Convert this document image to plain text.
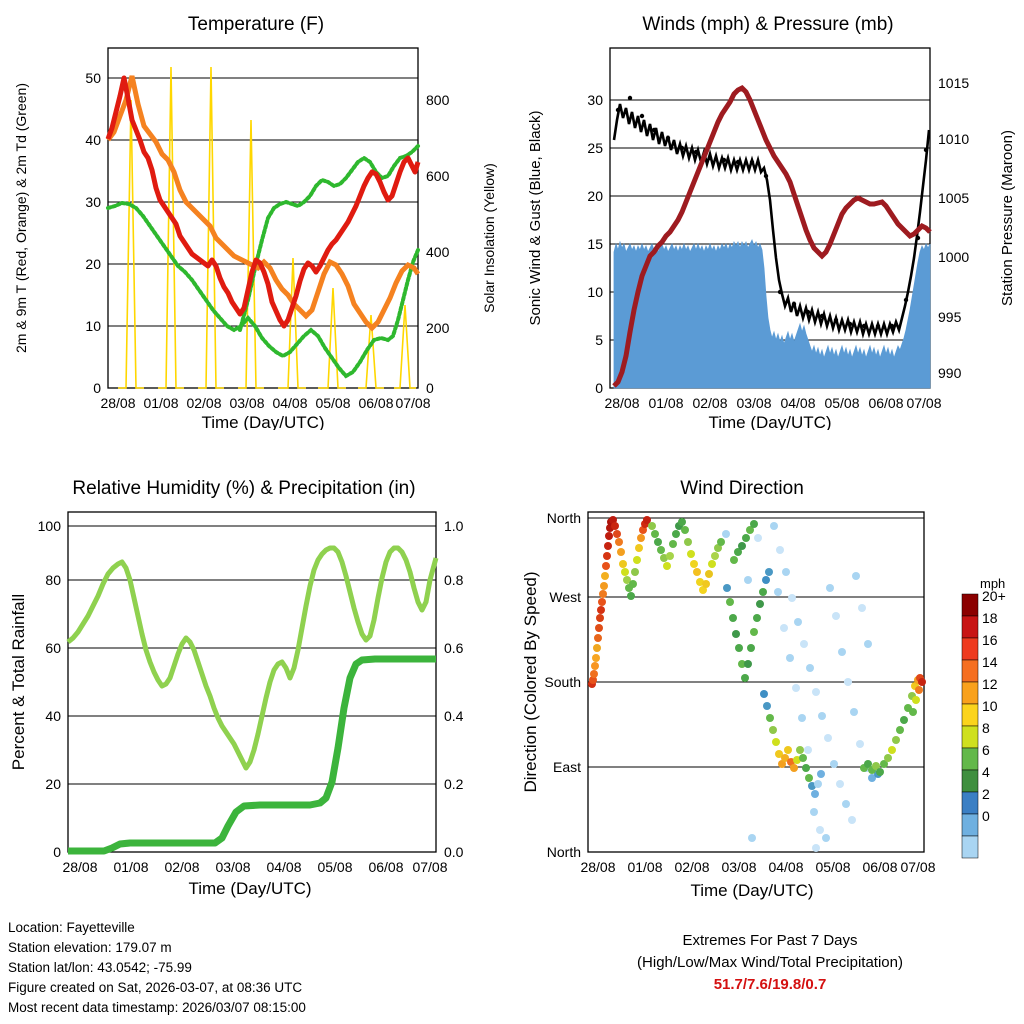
Temperature (F)
0
10
20
30
40
50
0
200
400
600
800
28/08 01/08 02/08 03/08 04/08 05/08 06/08 07/08
Time (Day/UTC)
2m & 9m T (Red, Orange) & 2m Td (Green)	Solar Insolation (Yellow)
Winds (mph) & Pressure (mb)
0
5
10
15
20
25
30
990
995
1000
1005
1010
1015
28/08 01/08 02/08 03/08 04/08 05/08 06/08 07/08
Time (Day/UTC)
Sonic Wind & Gust (Blue, Black)	Station Pressure (Maroon)
Relative Humidity (%) & Precipitation (in)
0
20
40
60
80
100
0.0
0.2
0.4
0.6
0.8
1.0
28/08 01/08 02/08 03/08 04/08 05/08 06/08 07/08
Time (Day/UTC)
Percent & Total Rainfall
Wind Direction
North
West
South
East
North
28/08 01/08 02/08 03/08 04/08 05/08 06/08 07/08
Time (Day/UTC)
Direction (Colored By Speed)	mph
20+
18
16
14
12
10
8
6
4
2
0
Location: Fayetteville
Station elevation: 179.07 m
Station lat/lon: 43.0542; -75.99
Figure created on Sat, 2026-03-07, at 08:36 UTC
Most recent data timestamp: 2026/03/07 08:15:00
Extremes For Past 7 Days
(High/Low/Max Wind/Total Precipitation)
51.7/7.6/19.8/0.7
